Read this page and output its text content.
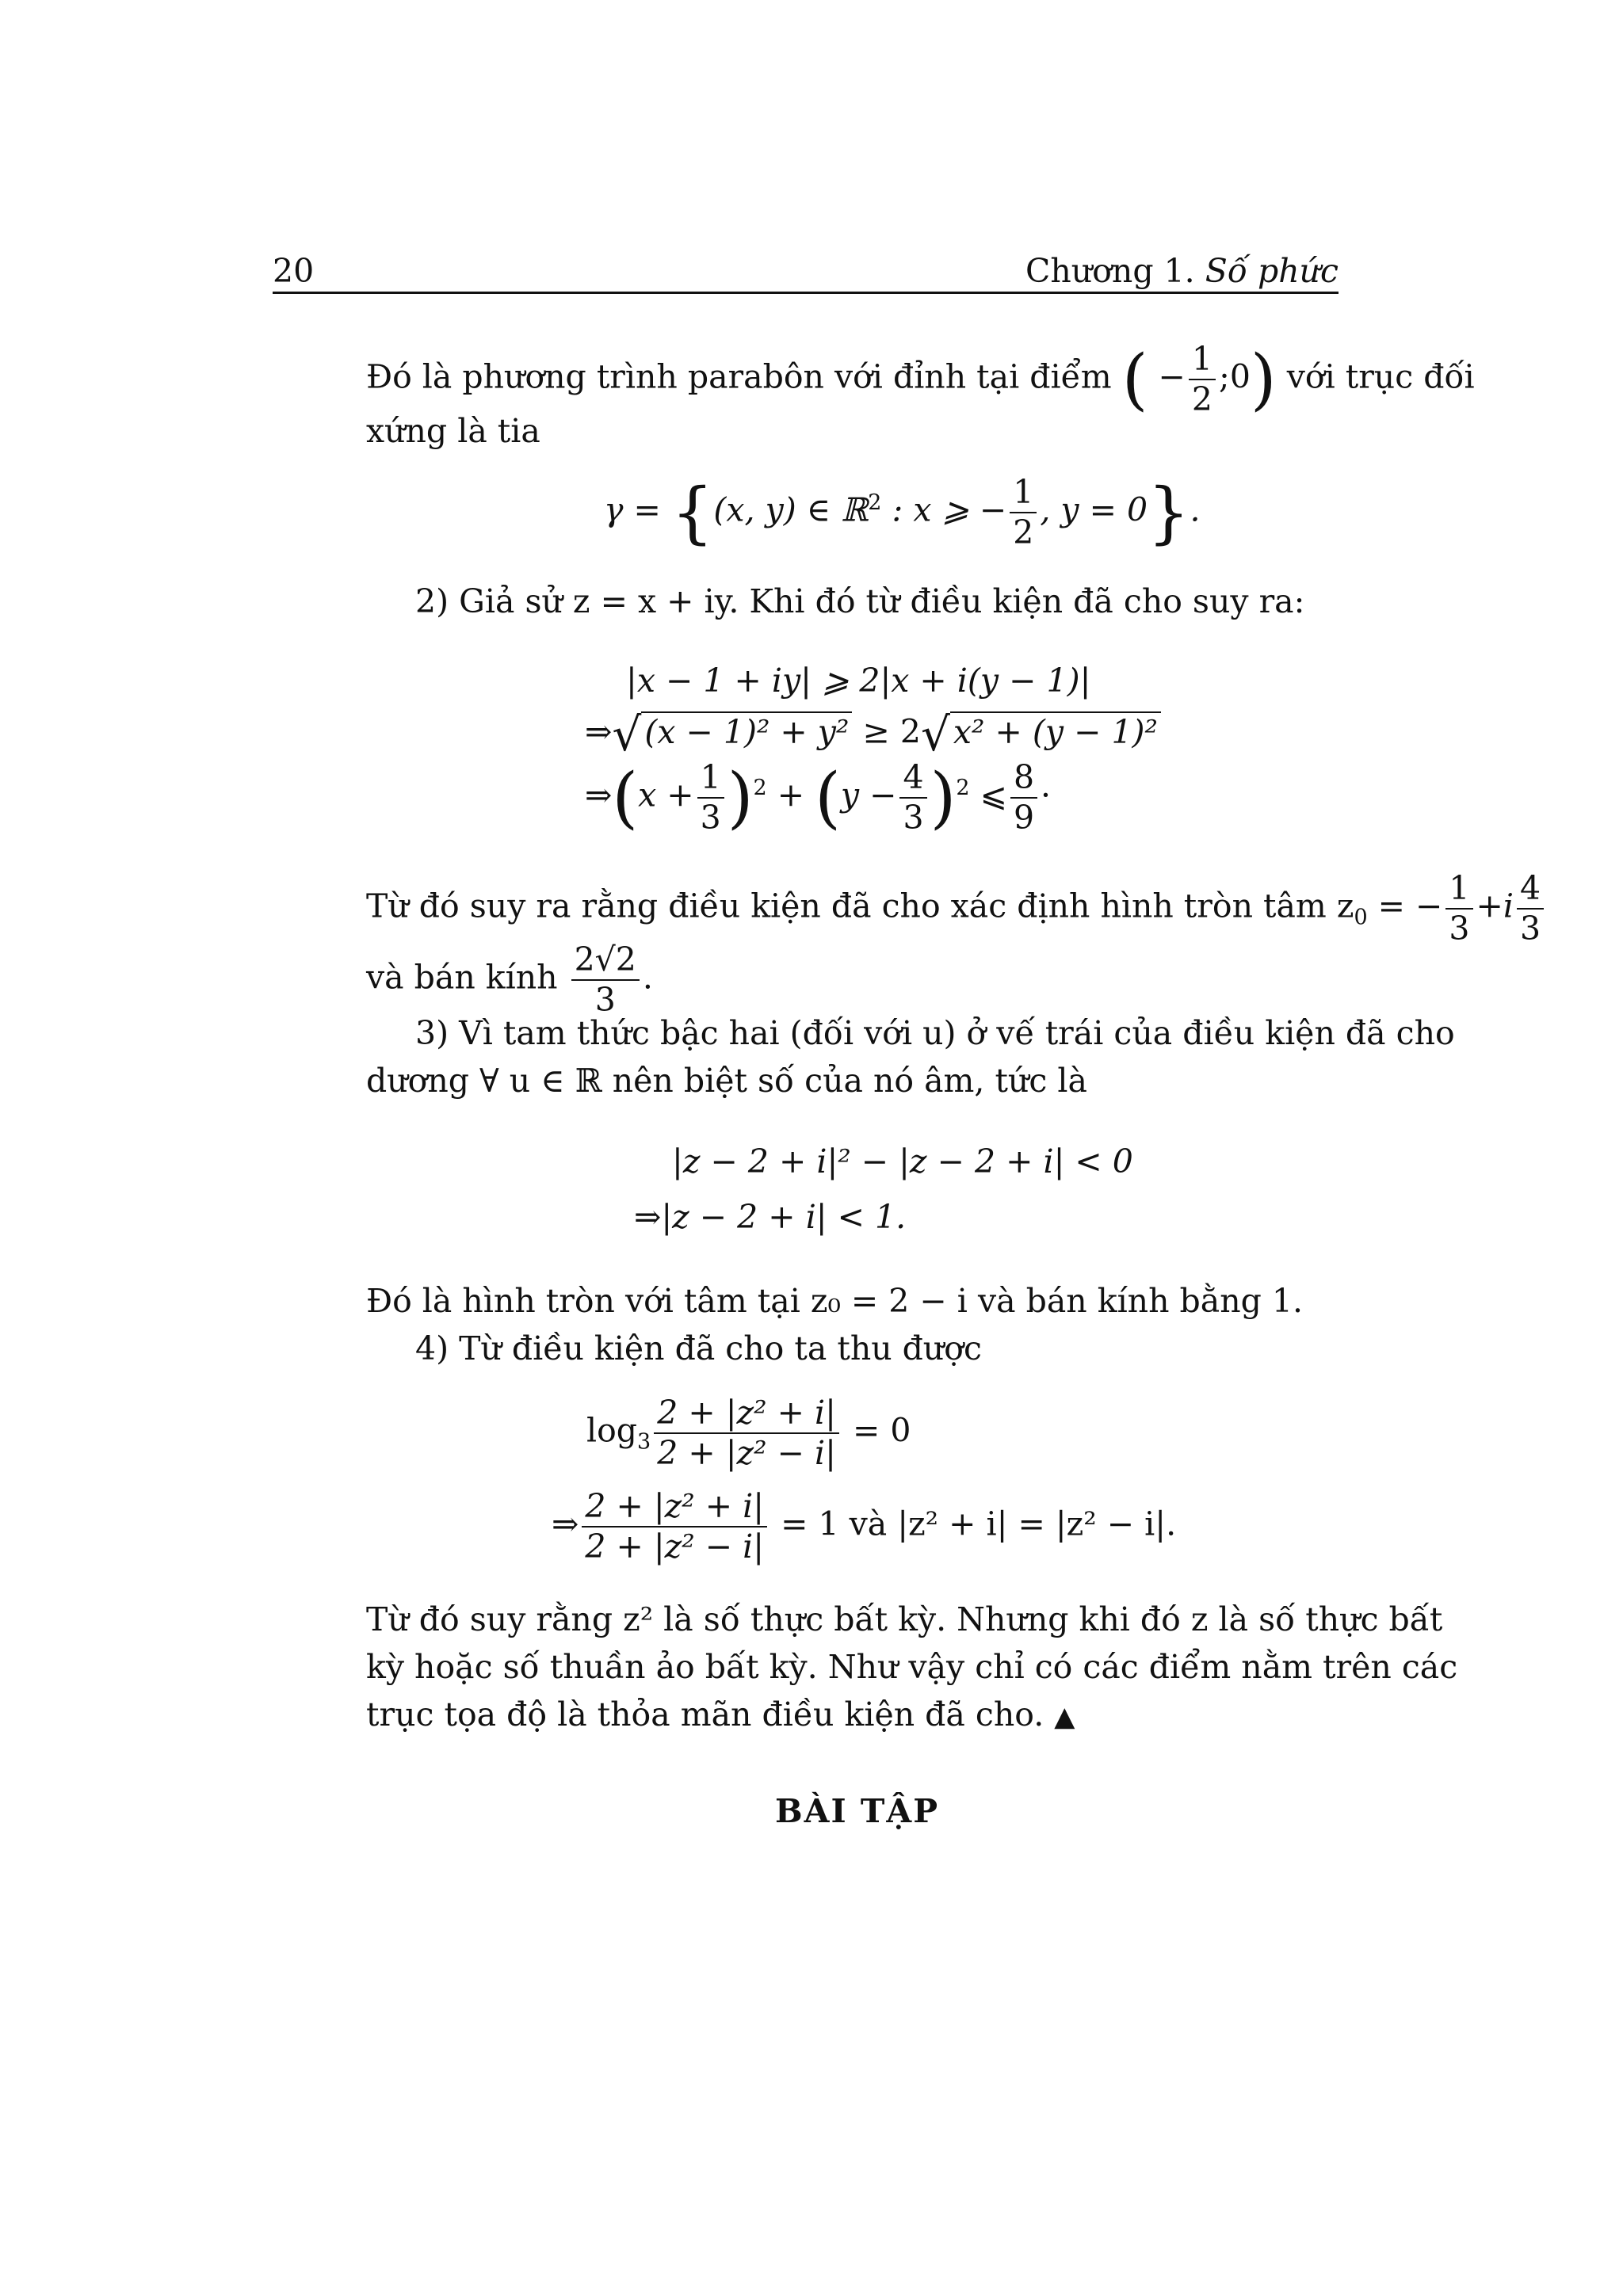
20	Chương 1. Số phức
Đó là phương trình parabôn với đỉnh tại điểm ( − $\frac{1}{2}$ ;0) với trục đối
xứng là tia
γ = {(x, y) ∈ ℝ$^2$ : x ⩾ − $\frac{1}{2}$ , y = 0}.
2) Giả sử z = x + iy. Khi đó từ điều kiện đã cho suy ra:
|x − 1 + iy| ⩾ 2|x + i(y − 1)|
⇒√(x − 1)² + y² ≥ 2√x² + (y − 1)²
⇒(x + $\frac{1}{3} )^2 + (y - \frac{4}{3} )^2$ ⩽ $\frac{8}{9}$ ·
Từ đó suy ra rằng điều kiện đã cho xác định hình tròn tâm $z_0$ = − $\frac{1}{3} +i \frac{4}{3}$
và bán kính $\frac{2√2}{3}$ .
3) Vì tam thức bậc hai (đối với u) ở vế trái của điều kiện đã cho
dương ∀ u ∈ ℝ nên biệt số của nó âm, tức là
|z − 2 + i|² − |z − 2 + i| < 0
⇒|z − 2 + i| < 1.
Đó là hình tròn với tâm tại z₀ = 2 − i và bán kính bằng 1.
4) Từ điều kiện đã cho ta thu được
$\log_3 \frac{\text{2 + |z² + i|}}{\text{2 + |z² − i|}} = 0$
⇒ $\frac{\text{2 + |z² + i|}}{\text{2 + |z² − i|}} = 1$ và |z² + i| = |z² − i|.
Từ đó suy rằng z² là số thực bất kỳ. Nhưng khi đó z là số thực bất
kỳ hoặc số thuần ảo bất kỳ. Như vậy chỉ có các điểm nằm trên các
trục tọa độ là thỏa mãn điều kiện đã cho. ▲
BÀI TẬP
